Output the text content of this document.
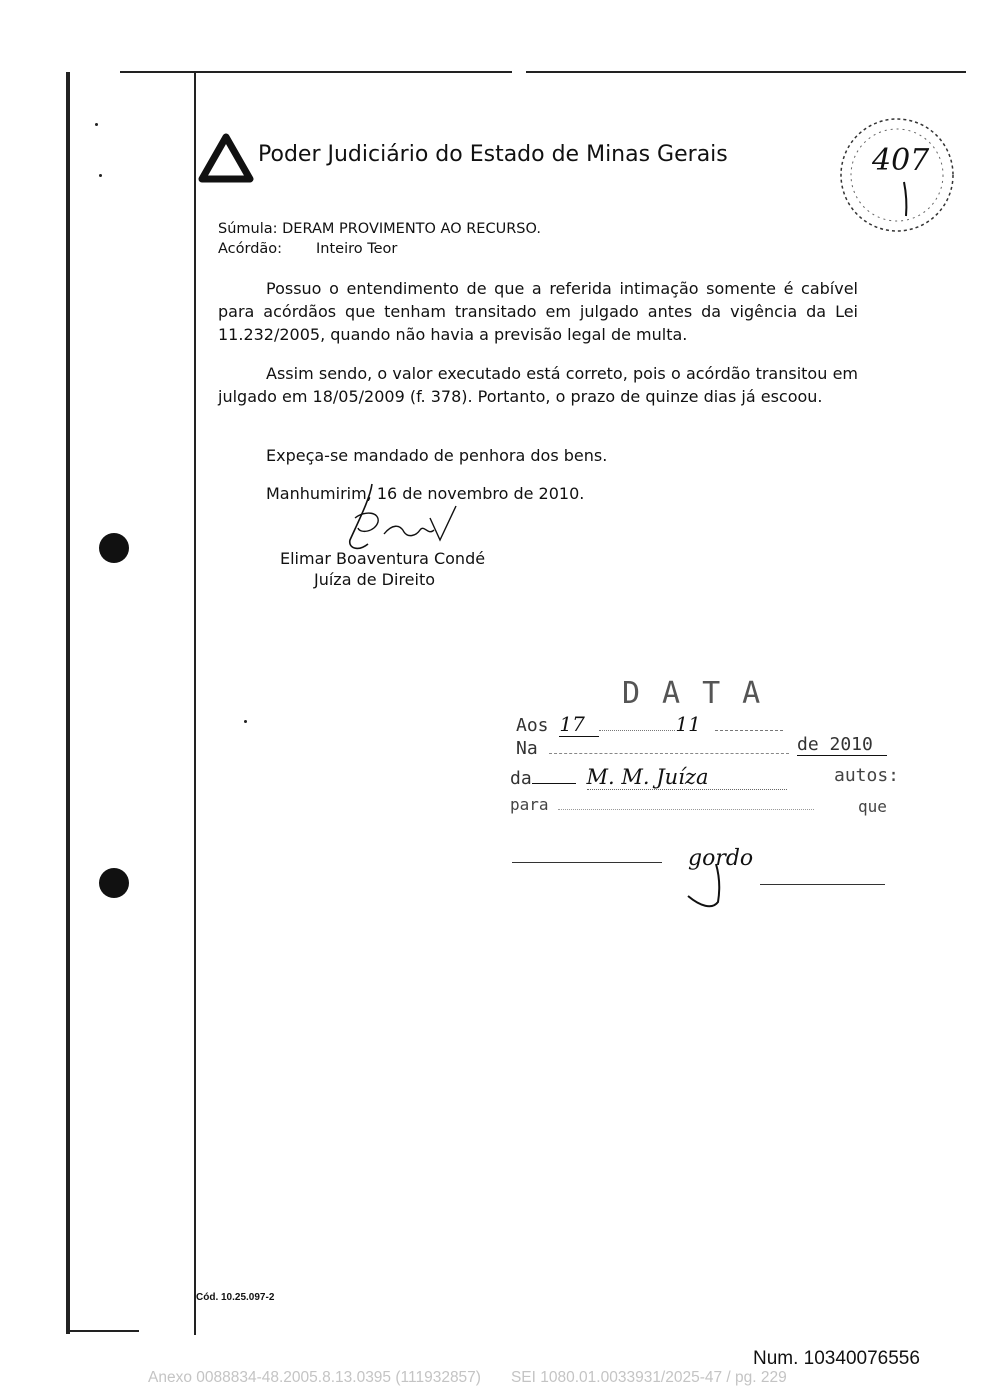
Poder Judiciário do Estado de Minas Gerais	407
Súmula: DERAM PROVIMENTO AO RECURSO.
Acórdão: Inteiro Teor
Possuo o entendimento de que a referida intimação somente é cabível para acórdãos que tenham transitado em julgado antes da vigência da Lei 11.232/2005, quando não havia a previsão legal de multa.
Assim sendo, o valor executado está correto, pois o acórdão transitou em julgado em 18/05/2009 (f. 378). Portanto, o prazo de quinze dias já escoou.
Expeça-se mandado de penhora dos bens.
Manhumirim, 16 de novembro de 2010.
Elimar Boaventura Condé
Juíza de Direito
DATA
Aos 17	11
de 2010
Na
da	M. M. Juíza	autos:
para	que
gordo
Cód. 10.25.097-2
Num. 10340076556
Anexo 0088834-48.2005.8.13.0395 (111932857) SEI 1080.01.0033931/2025-47 / pg. 229
